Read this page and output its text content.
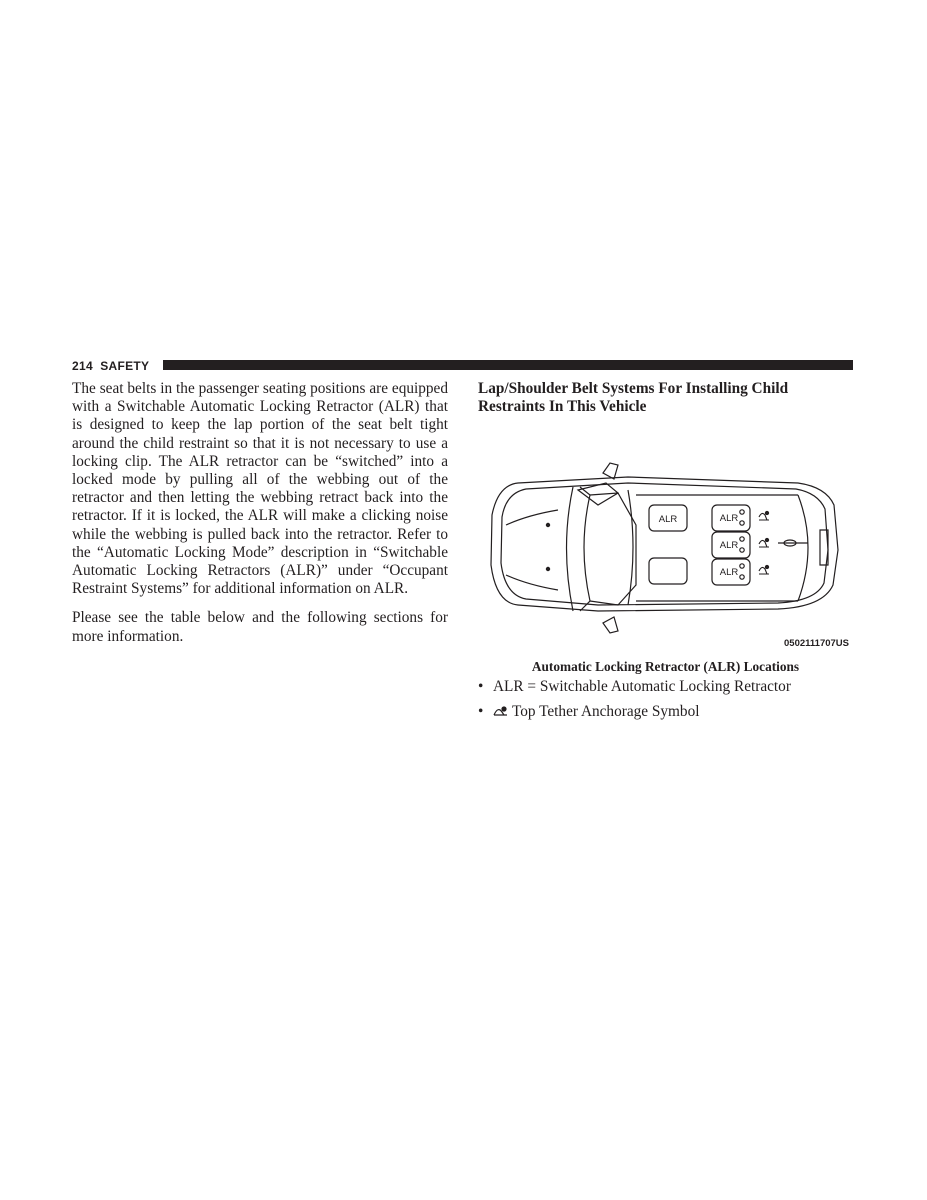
214 SAFETY

The seat belts in the passenger seating positions are equipped with a Switchable Automatic Locking Retractor (ALR) that is designed to keep the lap portion of the seat belt tight around the child restraint so that it is not necessary to use a locking clip. The ALR retractor can be “switched” into a locked mode by pulling all of the webbing out of the retractor and then letting the webbing retract back into the retractor. If it is locked, the ALR will make a clicking noise while the webbing is pulled back into the retractor. Refer to the “Automatic Locking Mode” description in “Switchable Automatic Locking Retractors (ALR)” under “Occupant Restraint Systems” for additional information on ALR.

Please see the table below and the following sections for more information.

Lap/Shoulder Belt Systems For Installing Child Restraints In This Vehicle

ALR	ALR
ALR
ALR
0502111707US
Automatic Locking Retractor (ALR) Locations
• ALR = Switchable Automatic Locking Retractor
• Top Tether Anchorage Symbol
